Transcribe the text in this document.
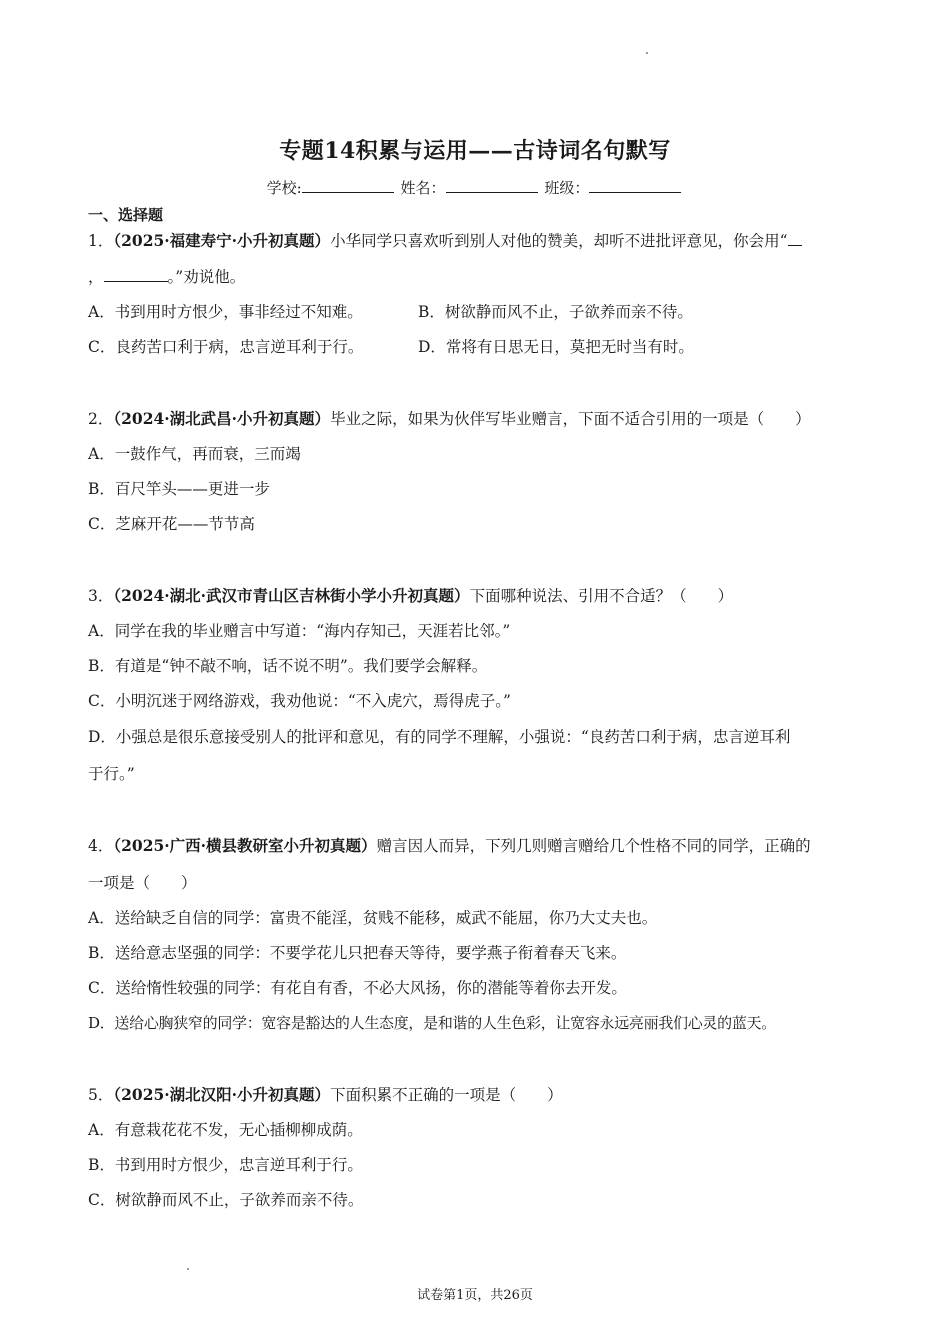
专题14积累与运用——古诗词名句默写
学校:	姓名：	班级：
一、选择题
1．（2025·福建寿宁·小升初真题）小华同学只喜欢听到别人对他的赞美，却听不进批评意见，你会用“
，	。”劝说他。
A．书到用时方恨少，事非经过不知难。	B．树欲静而风不止，子欲养而亲不待。
C．良药苦口利于病，忠言逆耳利于行。	D．常将有日思无日，莫把无时当有时。
2．（2024·湖北武昌·小升初真题）毕业之际，如果为伙伴写毕业赠言，下面不适合引用的一项是（　　）
A．一鼓作气，再而衰，三而竭
B．百尺竿头——更进一步
C．芝麻开花——节节高
3．（2024·湖北·武汉市青山区吉林街小学小升初真题）下面哪种说法、引用不合适？（　　）
A．同学在我的毕业赠言中写道：“海内存知己，天涯若比邻。”
B．有道是“钟不敲不响，话不说不明”。我们要学会解释。
C．小明沉迷于网络游戏，我劝他说：“不入虎穴，焉得虎子。”
D．小强总是很乐意接受别人的批评和意见，有的同学不理解，小强说：“良药苦口利于病，忠言逆耳利
于行。”
4．（2025·广西·横县教研室小升初真题）赠言因人而异，下列几则赠言赠给几个性格不同的同学，正确的
一项是（　　）
A．送给缺乏自信的同学：富贵不能淫，贫贱不能移，威武不能屈，你乃大丈夫也。
B．送给意志坚强的同学：不要学花儿只把春天等待，要学燕子衔着春天飞来。
C．送给惰性较强的同学：有花自有香，不必大风扬，你的潜能等着你去开发。
D．送给心胸狭窄的同学：宽容是豁达的人生态度，是和谐的人生色彩，让宽容永远亮丽我们心灵的蓝天。
5．（2025·湖北汉阳·小升初真题）下面积累不正确的一项是（　　）
A．有意栽花花不发，无心插柳柳成荫。
B．书到用时方恨少，忠言逆耳利于行。
C．树欲静而风不止，子欲养而亲不待。
试卷第1页，共26页
